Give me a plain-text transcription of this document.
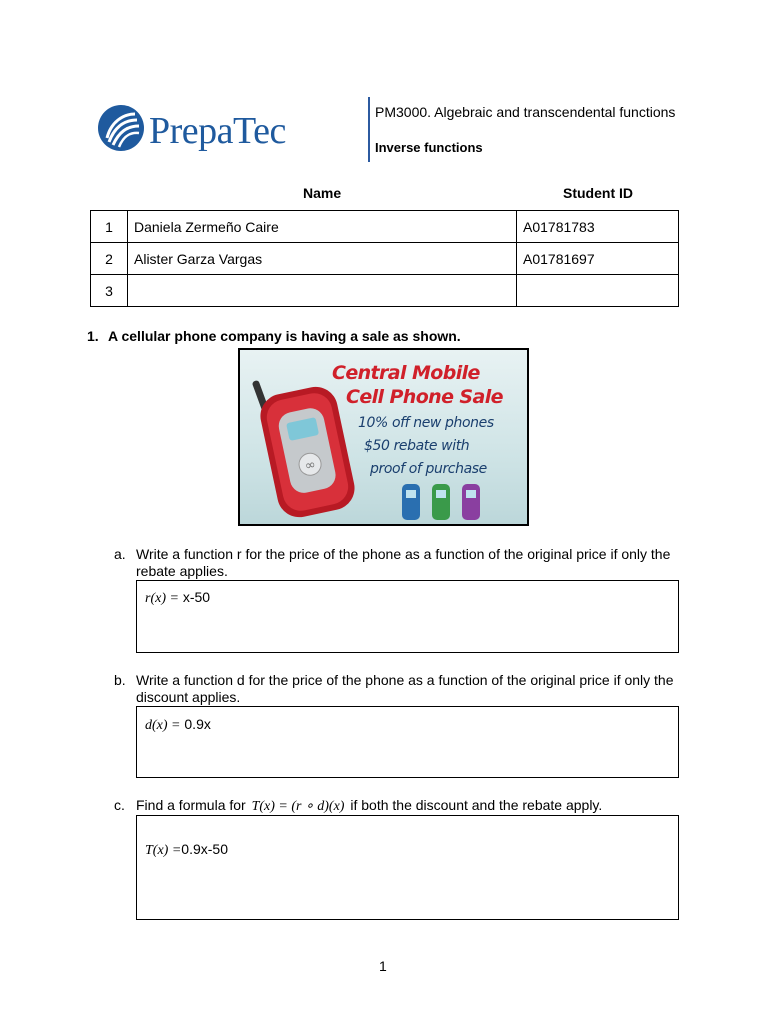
PrepaTec	PM3000. Algebraic and transcendental functions
Inverse functions
Name	Student ID
1	Daniela Zermeño Caire	A01781783
2	Alister Garza Vargas	A01781697
3		
1. A cellular phone company is having a sale as shown.
∞
Central Mobile
Cell Phone Sale
10% off new phones
$50 rebate with
proof of purchase
a. Write a function r for the price of the phone as a function of the original price if only the
rebate applies.
r(x) = x-50
b. Write a function d for the price of the phone as a function of the original price if only the
discount applies.
d(x) = 0.9x
c. Find a formula for T(x) = (r ∘ d)(x) if both the discount and the rebate apply.
T(x) =0.9x-50
1
